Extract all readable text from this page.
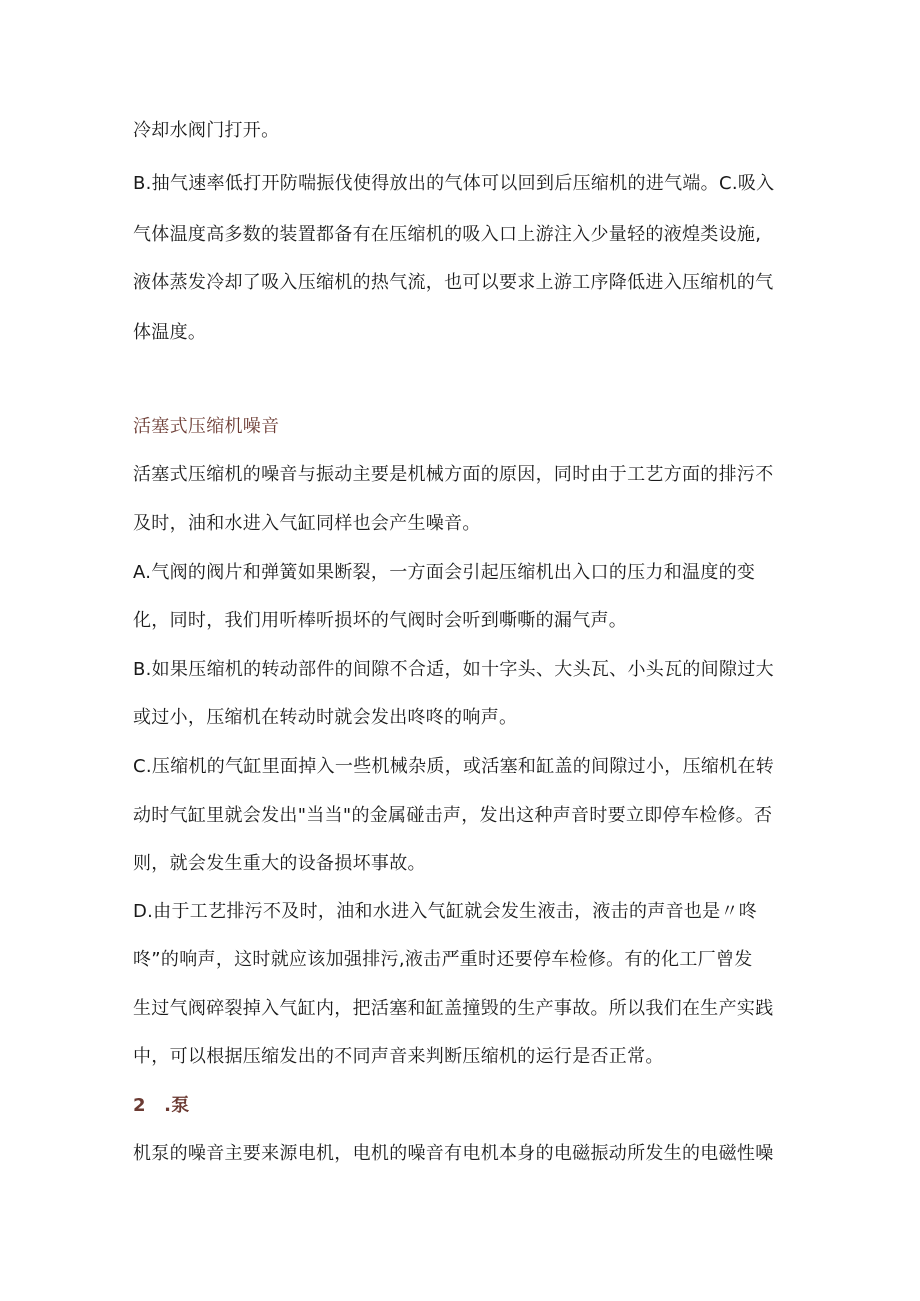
冷却水阀门打开。
B.抽气速率低打开防喘振伐使得放出的气体可以回到后压缩机的进气端。C.吸入
气体温度高多数的装置都备有在压缩机的吸入口上游注入少量轻的液煌类设施,
液体蒸发冷却了吸入压缩机的热气流，也可以要求上游工序降低进入压缩机的气
体温度。
活塞式压缩机噪音
活塞式压缩机的噪音与振动主要是机械方面的原因，同时由于工艺方面的排污不
及时，油和水进入气缸同样也会产生噪音。
A.气阀的阀片和弹簧如果断裂，一方面会引起压缩机出入口的压力和温度的变
化，同时，我们用听棒听损坏的气阀时会听到嘶嘶的漏气声。
B.如果压缩机的转动部件的间隙不合适，如十字头、大头瓦、小头瓦的间隙过大
或过小，压缩机在转动时就会发出咚咚的响声。
C.压缩机的气缸里面掉入一些机械杂质，或活塞和缸盖的间隙过小，压缩机在转
动时气缸里就会发出"当当"的金属碰击声，发出这种声音时要立即停车检修。否
则，就会发生重大的设备损坏事故。
D.由于工艺排污不及时，油和水进入气缸就会发生液击，液击的声音也是〃咚
咚”的响声，这时就应该加强排污,液击严重时还要停车检修。有的化工厂曾发
生过气阀碎裂掉入气缸内，把活塞和缸盖撞毁的生产事故。所以我们在生产实践
中，可以根据压缩发出的不同声音来判断压缩机的运行是否正常。
2　.泵
机泵的噪音主要来源电机，电机的噪音有电机本身的电磁振动所发生的电磁性噪
